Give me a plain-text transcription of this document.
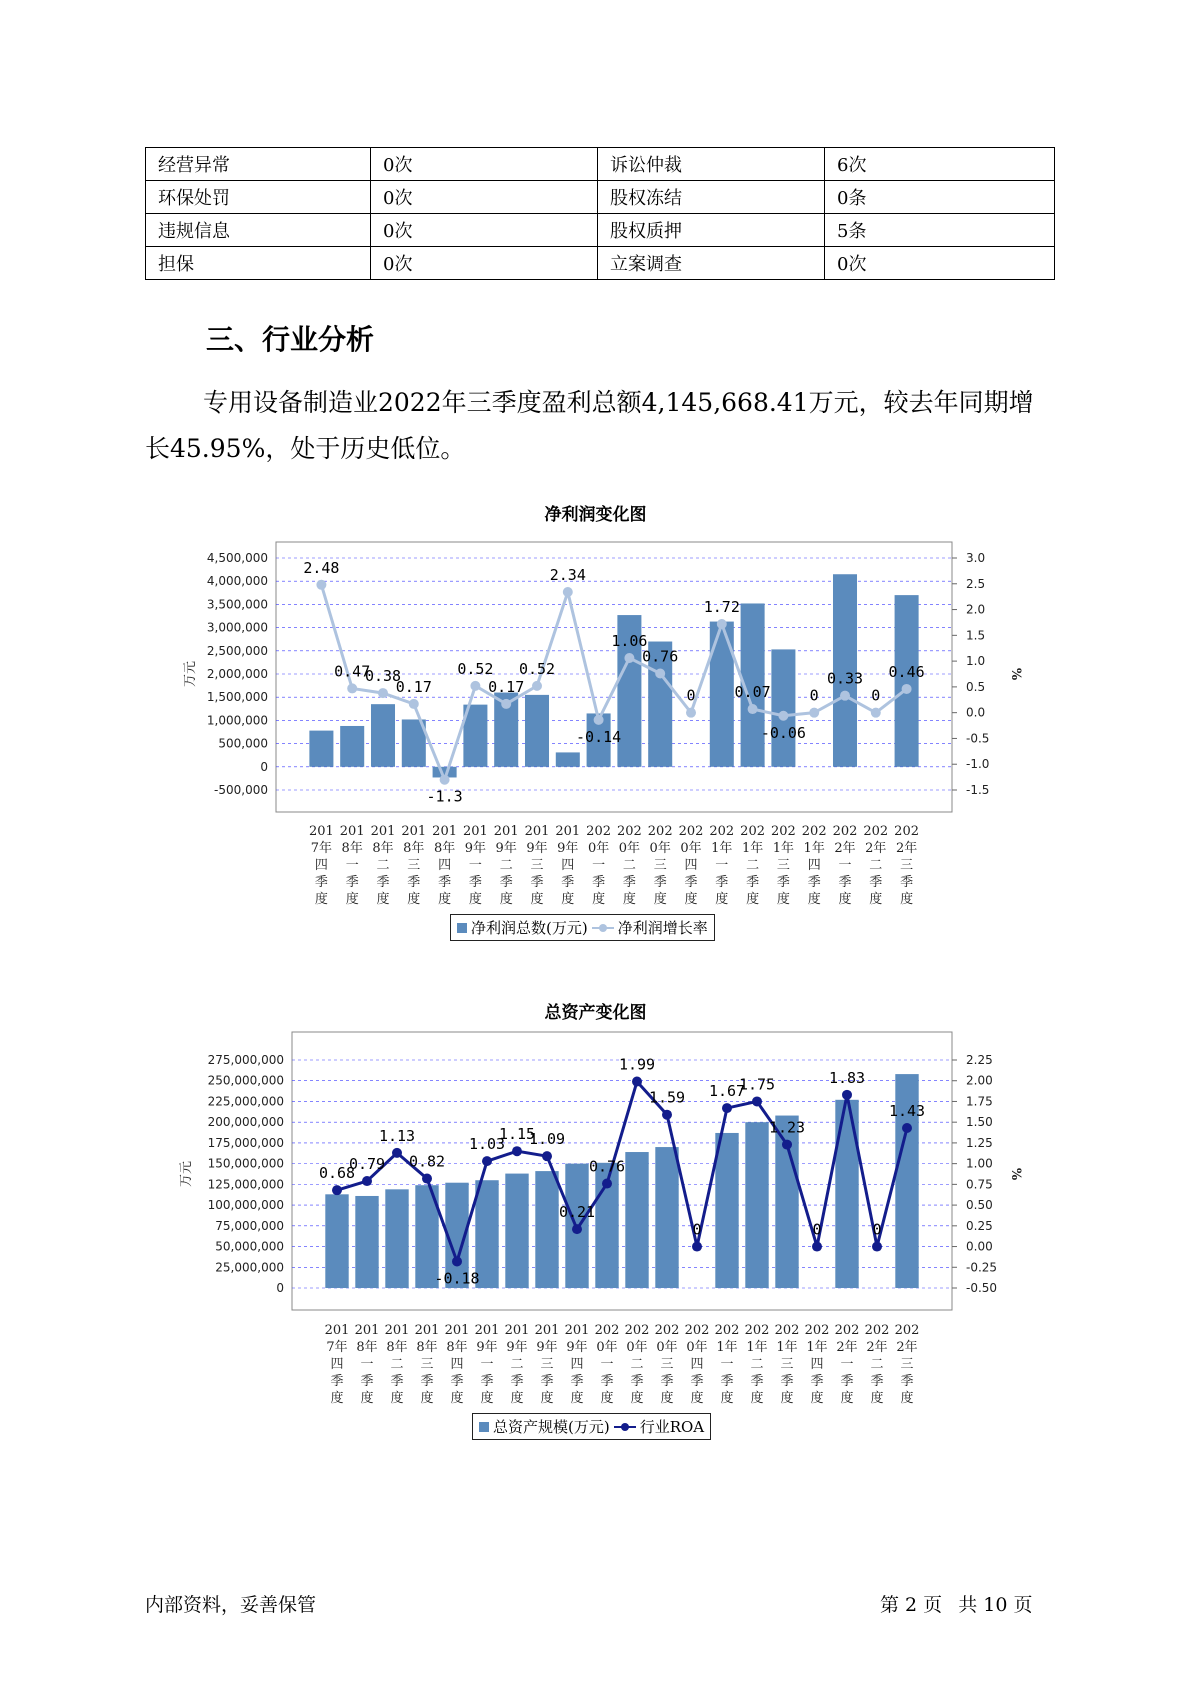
经营异常	0次	诉讼仲裁	6次
环保处罚	0次	股权冻结	0条
违规信息	0次	股权质押	5条
担保	0次	立案调查	0次
三、行业分析

专用设备制造业2022年三季度盈利总额4,145,668.41万元，较去年同期增长45.95%，处于历史低位。

净利润变化图
4,500,000
4,000,000
3,500,000
3,000,000
2,500,000
2,000,000
1,500,000
1,000,000
500,000
0
-500,000
3.0
2.5
2.0
1.5
1.0
0.5
0.0
-0.5
-1.0
-1.5
万元	%
2.48
0.47
0.38
0.17
-1.3
0.52
0.17
0.52
2.34
-0.14
1.06
0.76
0
1.72
0.07
-0.06
0
0.33
0
0.46
201
7年
四
季
度
201
8年
一
季
度
201
8年
二
季
度
201
8年
三
季
度
201
8年
四
季
度
201
9年
一
季
度
201
9年
二
季
度
201
9年
三
季
度
201
9年
四
季
度
202
0年
一
季
度
202
0年
二
季
度
202
0年
三
季
度
202
0年
四
季
度
202
1年
一
季
度
202
1年
二
季
度
202
1年
三
季
度
202
1年
四
季
度
202
2年
一
季
度
202
2年
二
季
度
202
2年
三
季
度
净利润总数(万元) 净利润增长率
总资产变化图
275,000,000
250,000,000
225,000,000
200,000,000
175,000,000
150,000,000
125,000,000
100,000,000
75,000,000
50,000,000
25,000,000
0
2.25
2.00
1.75
1.50
1.25
1.00
0.75
0.50
0.25
0.00
-0.25
-0.50
万元	%
0.68
0.79
1.13
0.82
-0.18
1.03
1.15
1.09
0.21
0.76
1.99
1.59
0
1.67
1.75
1.23
0
1.83
0
1.43
201
7年
四
季
度
201
8年
一
季
度
201
8年
二
季
度
201
8年
三
季
度
201
8年
四
季
度
201
9年
一
季
度
201
9年
二
季
度
201
9年
三
季
度
201
9年
四
季
度
202
0年
一
季
度
202
0年
二
季
度
202
0年
三
季
度
202
0年
四
季
度
202
1年
一
季
度
202
1年
二
季
度
202
1年
三
季
度
202
1年
四
季
度
202
2年
一
季
度
202
2年
二
季
度
202
2年
三
季
度
总资产规模(万元) 行业ROA
内部资料，妥善保管	第 2 页 共 10 页
